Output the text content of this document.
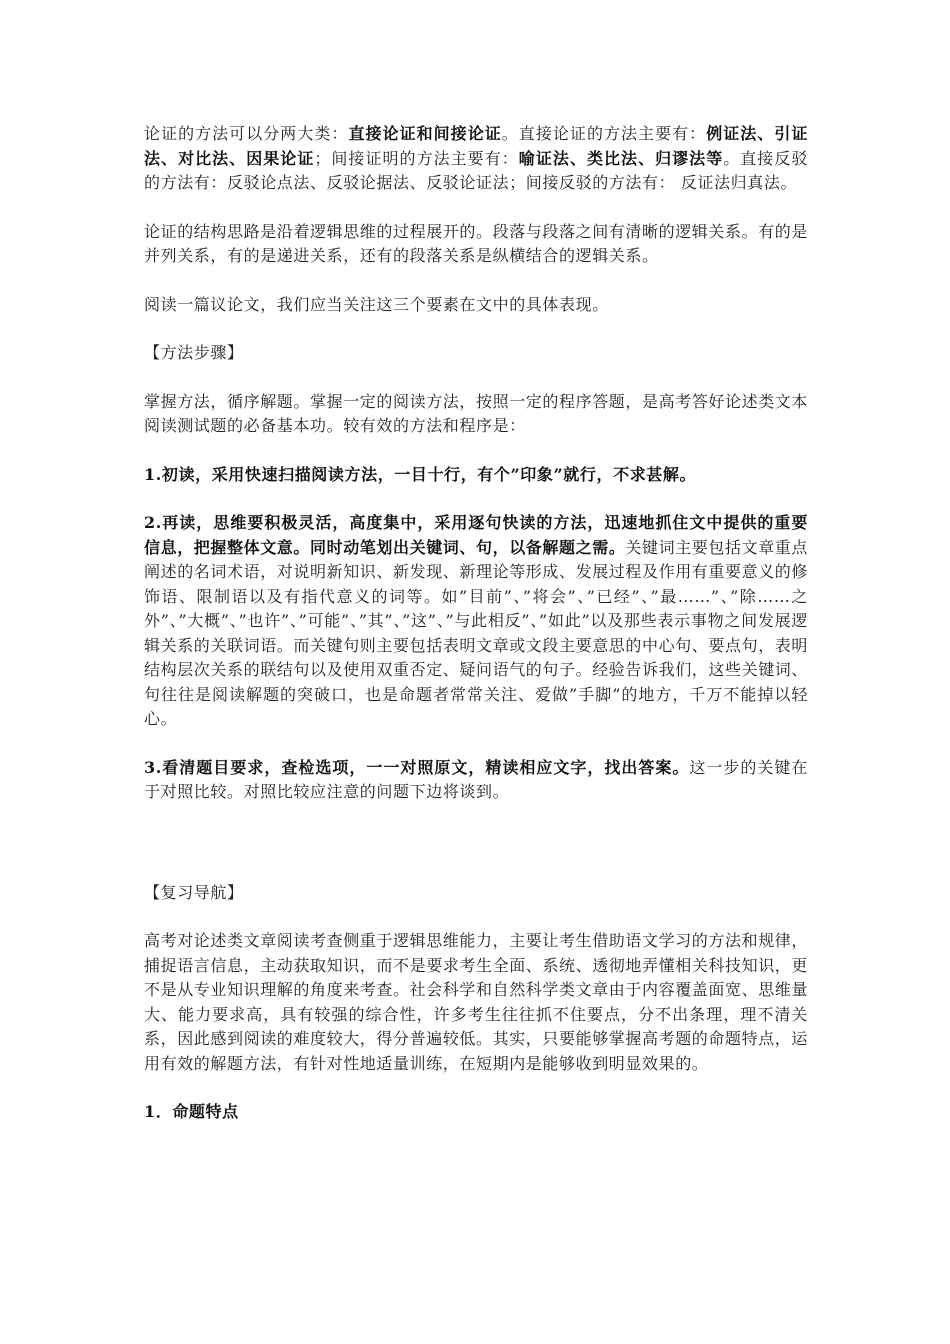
论证的方法可以分两大类：直接论证和间接论证。直接论证的方法主要有：例证法、引证法、对比法、因果论证；间接证明的方法主要有：喻证法、类比法、归谬法等。直接反驳的方法有：反驳论点法、反驳论据法、反驳论证法；间接反驳的方法有： 反证法归真法。

论证的结构思路是沿着逻辑思维的过程展开的。段落与段落之间有清晰的逻辑关系。有的是并列关系，有的是递进关系，还有的段落关系是纵横结合的逻辑关系。

阅读一篇议论文，我们应当关注这三个要素在文中的具体表现。

【方法步骤】

掌握方法，循序解题。掌握一定的阅读方法，按照一定的程序答题，是高考答好论述类文本阅读测试题的必备基本功。较有效的方法和程序是：

1.初读，采用快速扫描阅读方法，一目十行，有个”印象”就行，不求甚解。

2.再读，思维要积极灵活，高度集中，采用逐句快读的方法，迅速地抓住文中提供的重要信息，把握整体文意。同时动笔划出关键词、句，以备解题之需。关键词主要包括文章重点阐述的名词术语，对说明新知识、新发现、新理论等形成、发展过程及作用有重要意义的修饰语、限制语以及有指代意义的词等。如”目前”、”将会”、”已经”、”最……”、”除……之外”、”大概”、”也许”、”可能”、”其”、”这”、”与此相反”、”如此”以及那些表示事物之间发展逻辑关系的关联词语。而关键句则主要包括表明文章或文段主要意思的中心句、要点句，表明结构层次关系的联结句以及使用双重否定、疑问语气的句子。经验告诉我们，这些关键词、句往往是阅读解题的突破口，也是命题者常常关注、爱做”手脚”的地方，千万不能掉以轻心。

3.看清题目要求，查检选项，一一对照原文，精读相应文字，找出答案。这一步的关键在于对照比较。对照比较应注意的问题下边将谈到。

【复习导航】

高考对论述类文章阅读考查侧重于逻辑思维能力，主要让考生借助语文学习的方法和规律，捕捉语言信息，主动获取知识，而不是要求考生全面、系统、透彻地弄懂相关科技知识，更不是从专业知识理解的角度来考查。社会科学和自然科学类文章由于内容覆盖面宽、思维量大、能力要求高，具有较强的综合性，许多考生往往抓不住要点，分不出条理，理不清关系，因此感到阅读的难度较大，得分普遍较低。其实，只要能够掌握高考题的命题特点，运用有效的解题方法，有针对性地适量训练，在短期内是能够收到明显效果的。

1．命题特点
